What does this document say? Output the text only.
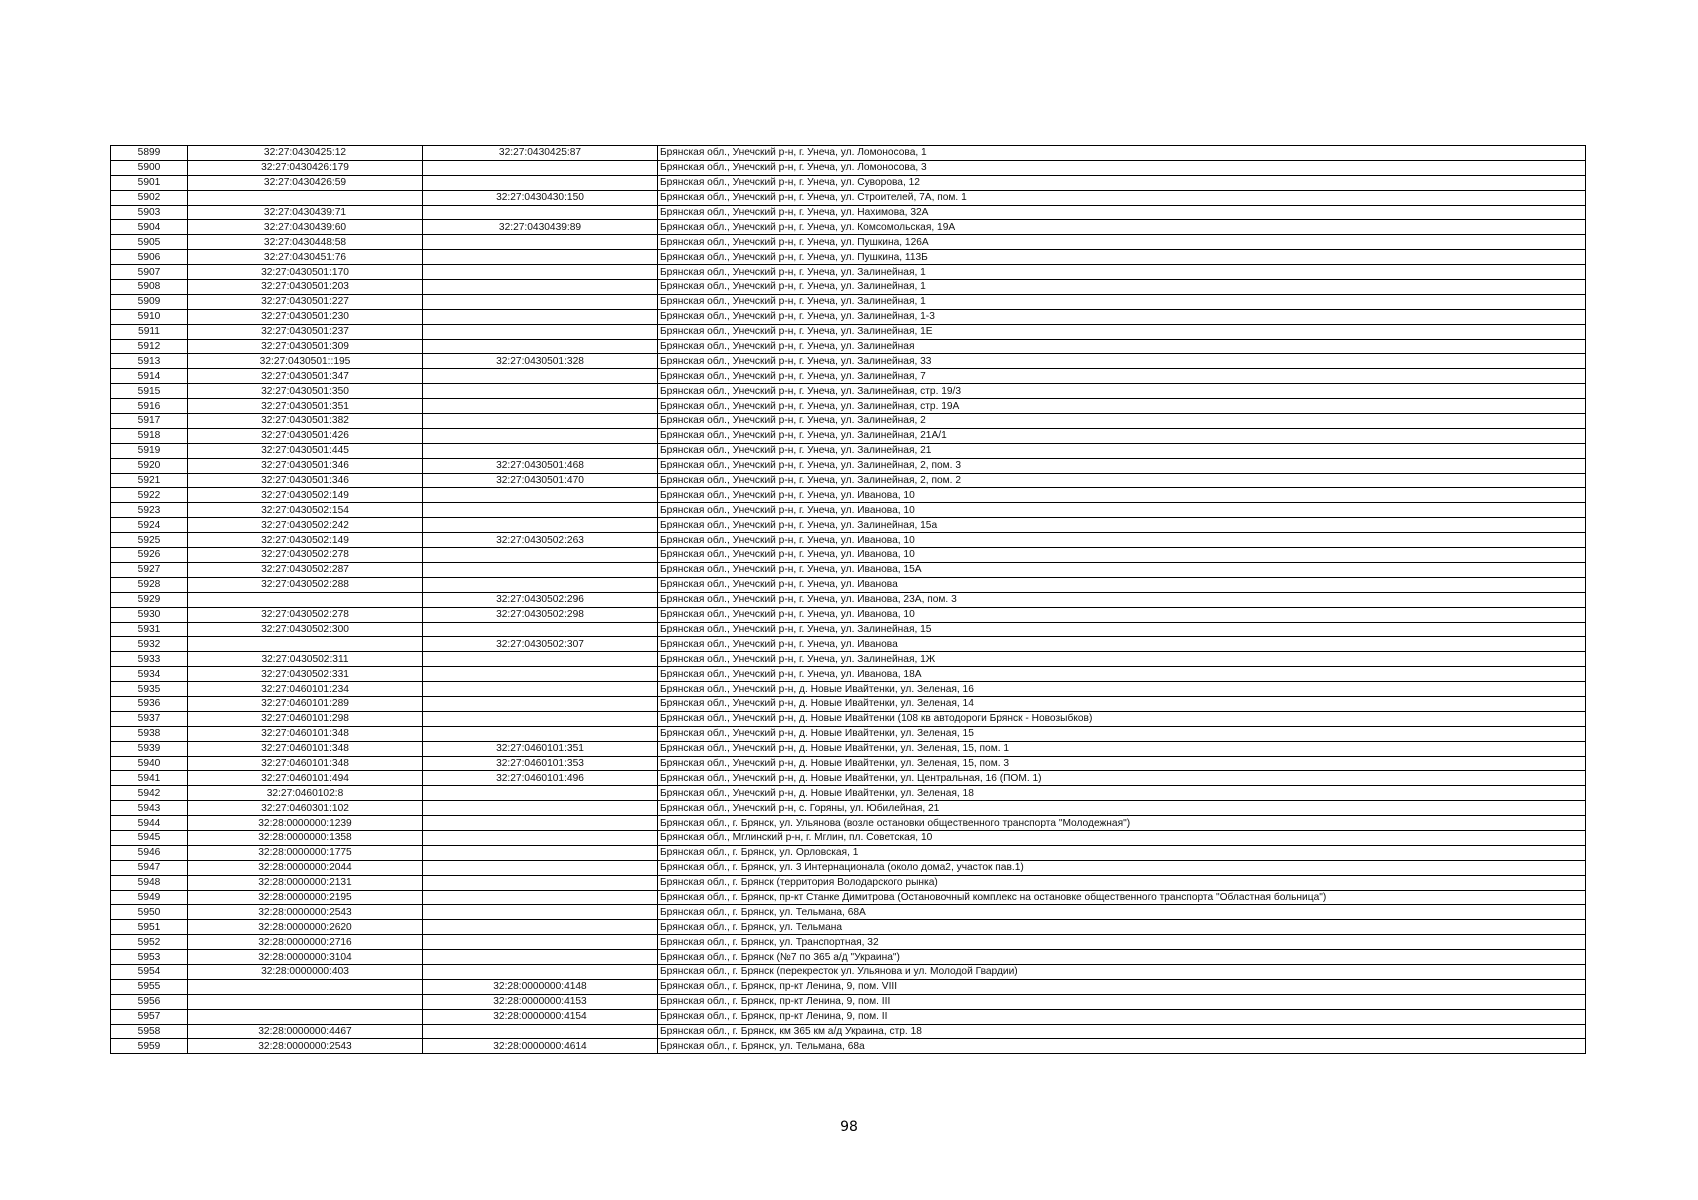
5899	32:27:0430425:12	32:27:0430425:87	Брянская обл., Унечский р-н, г. Унеча, ул. Ломоносова, 1
5900	32:27:0430426:179		Брянская обл., Унечский р-н, г. Унеча, ул. Ломоносова, 3
5901	32:27:0430426:59		Брянская обл., Унечский р-н, г. Унеча, ул. Суворова, 12
5902		32:27:0430430:150	Брянская обл., Унечский р-н, г. Унеча, ул. Строителей, 7А, пом. 1
5903	32:27:0430439:71		Брянская обл., Унечский р-н, г. Унеча, ул. Нахимова, 32А
5904	32:27:0430439:60	32:27:0430439:89	Брянская обл., Унечский р-н, г. Унеча, ул. Комсомольская, 19А
5905	32:27:0430448:58		Брянская обл., Унечский р-н, г. Унеча, ул. Пушкина, 126А
5906	32:27:0430451:76		Брянская обл., Унечский р-н, г. Унеча, ул. Пушкина, 113Б
5907	32:27:0430501:170		Брянская обл., Унечский р-н, г. Унеча, ул. Залинейная, 1
5908	32:27:0430501:203		Брянская обл., Унечский р-н, г. Унеча, ул. Залинейная, 1
5909	32:27:0430501:227		Брянская обл., Унечский р-н, г. Унеча, ул. Залинейная, 1
5910	32:27:0430501:230		Брянская обл., Унечский р-н, г. Унеча, ул. Залинейная, 1-3
5911	32:27:0430501:237		Брянская обл., Унечский р-н, г. Унеча, ул. Залинейная, 1Е
5912	32:27:0430501:309		Брянская обл., Унечский р-н, г. Унеча, ул. Залинейная
5913	32:27:0430501::195	32:27:0430501:328	Брянская обл., Унечский р-н, г. Унеча, ул. Залинейная, 33
5914	32:27:0430501:347		Брянская обл., Унечский р-н, г. Унеча, ул. Залинейная, 7
5915	32:27:0430501:350		Брянская обл., Унечский р-н, г. Унеча, ул. Залинейная, стр. 19/3
5916	32:27:0430501:351		Брянская обл., Унечский р-н, г. Унеча, ул. Залинейная, стр. 19А
5917	32:27:0430501:382		Брянская обл., Унечский р-н, г. Унеча, ул. Залинейная, 2
5918	32:27:0430501:426		Брянская обл., Унечский р-н, г. Унеча, ул. Залинейная, 21А/1
5919	32:27:0430501:445		Брянская обл., Унечский р-н, г. Унеча, ул. Залинейная, 21
5920	32:27:0430501:346	32:27:0430501:468	Брянская обл., Унечский р-н, г. Унеча, ул. Залинейная, 2, пом. 3
5921	32:27:0430501:346	32:27:0430501:470	Брянская обл., Унечский р-н, г. Унеча, ул. Залинейная, 2, пом. 2
5922	32:27:0430502:149		Брянская обл., Унечский р-н, г. Унеча, ул. Иванова, 10
5923	32:27:0430502:154		Брянская обл., Унечский р-н, г. Унеча, ул. Иванова, 10
5924	32:27:0430502:242		Брянская обл., Унечский р-н, г. Унеча, ул. Залинейная, 15а
5925	32:27:0430502:149	32:27:0430502:263	Брянская обл., Унечский р-н, г. Унеча, ул. Иванова, 10
5926	32:27:0430502:278		Брянская обл., Унечский р-н, г. Унеча, ул. Иванова, 10
5927	32:27:0430502:287		Брянская обл., Унечский р-н, г. Унеча, ул. Иванова, 15А
5928	32:27:0430502:288		Брянская обл., Унечский р-н, г. Унеча, ул. Иванова
5929		32:27:0430502:296	Брянская обл., Унечский р-н, г. Унеча, ул. Иванова, 23А, пом. 3
5930	32:27:0430502:278	32:27:0430502:298	Брянская обл., Унечский р-н, г. Унеча, ул. Иванова, 10
5931	32:27:0430502:300		Брянская обл., Унечский р-н, г. Унеча, ул. Залинейная, 15
5932		32:27:0430502:307	Брянская обл., Унечский р-н, г. Унеча, ул. Иванова
5933	32:27:0430502:311		Брянская обл., Унечский р-н, г. Унеча, ул. Залинейная, 1Ж
5934	32:27:0430502:331		Брянская обл., Унечский р-н, г. Унеча, ул. Иванова, 18А
5935	32:27:0460101:234		Брянская обл., Унечский р-н, д. Новые Ивайтенки, ул. Зеленая, 16
5936	32:27:0460101:289		Брянская обл., Унечский р-н, д. Новые Ивайтенки, ул. Зеленая, 14
5937	32:27:0460101:298		Брянская обл., Унечский р-н, д. Новые Ивайтенки (108 кв автодороги Брянск - Новозыбков)
5938	32:27:0460101:348		Брянская обл., Унечский р-н, д. Новые Ивайтенки, ул. Зеленая, 15
5939	32:27:0460101:348	32:27:0460101:351	Брянская обл., Унечский р-н, д. Новые Ивайтенки, ул. Зеленая, 15, пом. 1
5940	32:27:0460101:348	32:27:0460101:353	Брянская обл., Унечский р-н, д. Новые Ивайтенки, ул. Зеленая, 15, пом. 3
5941	32:27:0460101:494	32:27:0460101:496	Брянская обл., Унечский р-н, д. Новые Ивайтенки, ул. Центральная, 16 (ПОМ. 1)
5942	32:27:0460102:8		Брянская обл., Унечский р-н, д. Новые Ивайтенки, ул. Зеленая, 18
5943	32:27:0460301:102		Брянская обл., Унечский р-н, с. Горяны, ул. Юбилейная, 21
5944	32:28:0000000:1239		Брянская обл., г. Брянск, ул. Ульянова (возле остановки общественного транспорта "Молодежная")
5945	32:28:0000000:1358		Брянская обл., Мглинский р-н, г. Мглин, пл. Советская, 10
5946	32:28:0000000:1775		Брянская обл., г. Брянск, ул. Орловская, 1
5947	32:28:0000000:2044		Брянская обл., г. Брянск, ул. 3 Интернационала (около дома2, участок пав.1)
5948	32:28:0000000:2131		Брянская обл., г. Брянск (территория Володарского рынка)
5949	32:28:0000000:2195		Брянская обл., г. Брянск, пр-кт Станке Димитрова (Остановочный комплекс на остановке общественного транспорта "Областная больница")
5950	32:28:0000000:2543		Брянская обл., г. Брянск, ул. Тельмана, 68А
5951	32:28:0000000:2620		Брянская обл., г. Брянск, ул. Тельмана
5952	32:28:0000000:2716		Брянская обл., г. Брянск, ул. Транспортная, 32
5953	32:28:0000000:3104		Брянская обл., г. Брянск (№7 по 365 а/д "Украина")
5954	32:28:0000000:403		Брянская обл., г. Брянск (перекресток ул. Ульянова и ул. Молодой Гвардии)
5955		32:28:0000000:4148	Брянская обл., г. Брянск, пр-кт Ленина, 9, пом. VIII
5956		32:28:0000000:4153	Брянская обл., г. Брянск, пр-кт Ленина, 9, пом. III
5957		32:28:0000000:4154	Брянская обл., г. Брянск, пр-кт Ленина, 9, пом. II
5958	32:28:0000000:4467		Брянская обл., г. Брянск, км 365 км а/д Украина, стр. 18
5959	32:28:0000000:2543	32:28:0000000:4614	Брянская обл., г. Брянск, ул. Тельмана, 68а
98
